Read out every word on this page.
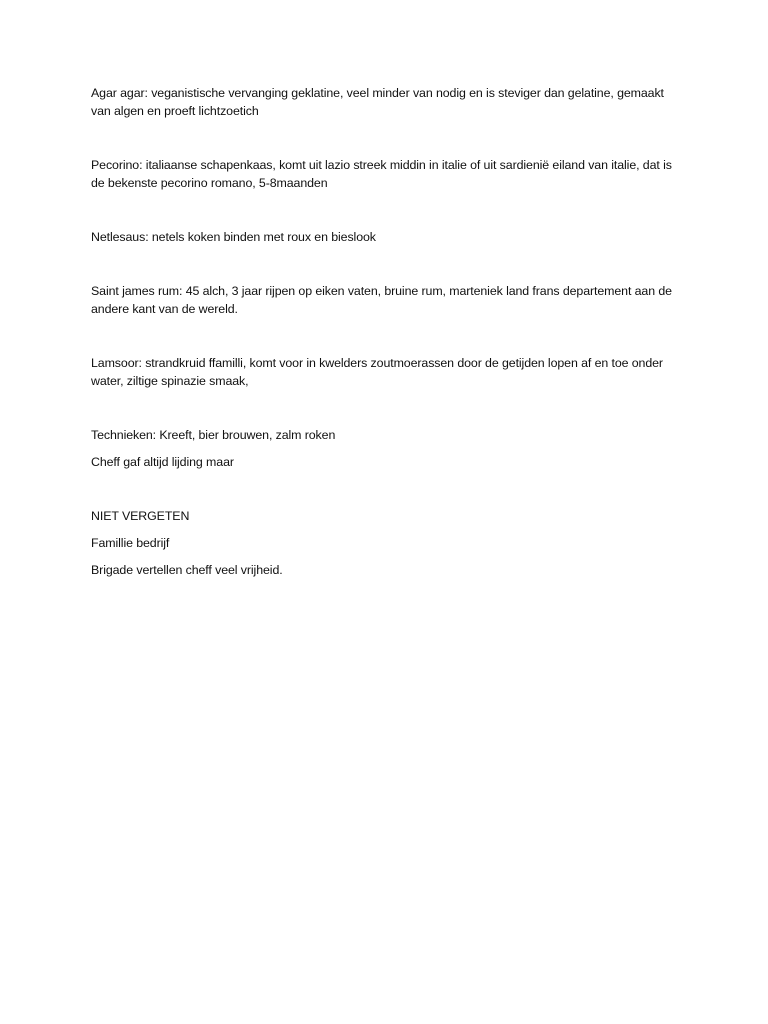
Agar agar: veganistische vervanging geklatine, veel minder van nodig en is steviger dan gelatine, gemaakt van algen en proeft lichtzoetich

Pecorino: italiaanse schapenkaas, komt uit lazio streek middin in italie of uit sardienië eiland van italie, dat is de bekenste pecorino romano, 5-8maanden

Netlesaus: netels koken binden met roux en bieslook

Saint james rum: 45 alch, 3 jaar rijpen op eiken vaten, bruine rum, marteniek land frans departement aan de andere kant van de wereld.

Lamsoor: strandkruid ffamilli, komt voor in kwelders zoutmoerassen door de getijden lopen af en toe onder water, ziltige spinazie smaak,

Technieken: Kreeft, bier brouwen, zalm roken

Cheff gaf altijd lijding maar

NIET VERGETEN

Famillie bedrijf

Brigade vertellen cheff veel vrijheid.
